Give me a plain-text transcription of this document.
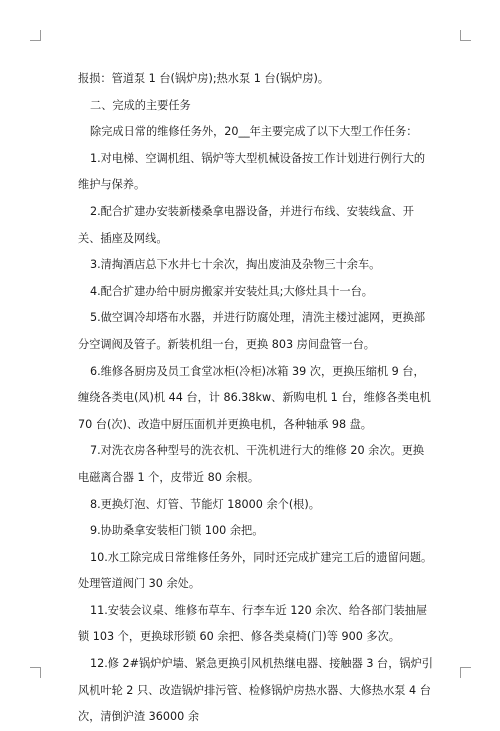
报损：管道泵 1 台(锅炉房);热水泵 1 台(锅炉房)。

二、完成的主要任务

除完成日常的维修任务外，20__年主要完成了以下大型工作任务：

1.对电梯、空调机组、锅炉等大型机械设备按工作计划进行例行大的维护与保养。

2.配合扩建办安装新楼桑拿电器设备，并进行布线、安装线盒、开关、插座及网线。

3.清掏酒店总下水井七十余次，掏出废油及杂物三十余车。

4.配合扩建办给中厨房搬家并安装灶具;大修灶具十一台。

5.做空调冷却塔布水器，并进行防腐处理，清洗主楼过滤网，更换部分空调阀及管子。新装机组一台，更换 803 房间盘管一台。

6.维修各厨房及员工食堂冰柜(冷柜)冰箱 39 次，更换压缩机 9 台，缠绕各类电(风)机 44 台，计 86.38kw、新购电机 1 台，维修各类电机 70 台(次)、改造中厨压面机并更换电机，各种轴承 98 盘。

7.对洗衣房各种型号的洗衣机、干洗机进行大的维修 20 余次。更换电磁离合器 1 个，皮带近 80 余根。

8.更换灯泡、灯管、节能灯 18000 余个(根)。

9.协助桑拿安装柜门锁 100 余把。

10.水工除完成日常维修任务外，同时还完成扩建完工后的遗留问题。处理管道阀门 30 余处。

11.安装会议桌、维修布草车、行李车近 120 余次、给各部门装抽屉锁 103 个，更换球形锁 60 余把、修各类桌椅(门)等 900 多次。

12.修 2#锅炉炉墙、紧急更换引风机热继电器、接触器 3 台，锅炉引风机叶轮 2 只、改造锅炉排污管、检修锅炉房热水器、大修热水泵 4 台次，清倒沪渣 36000 余
